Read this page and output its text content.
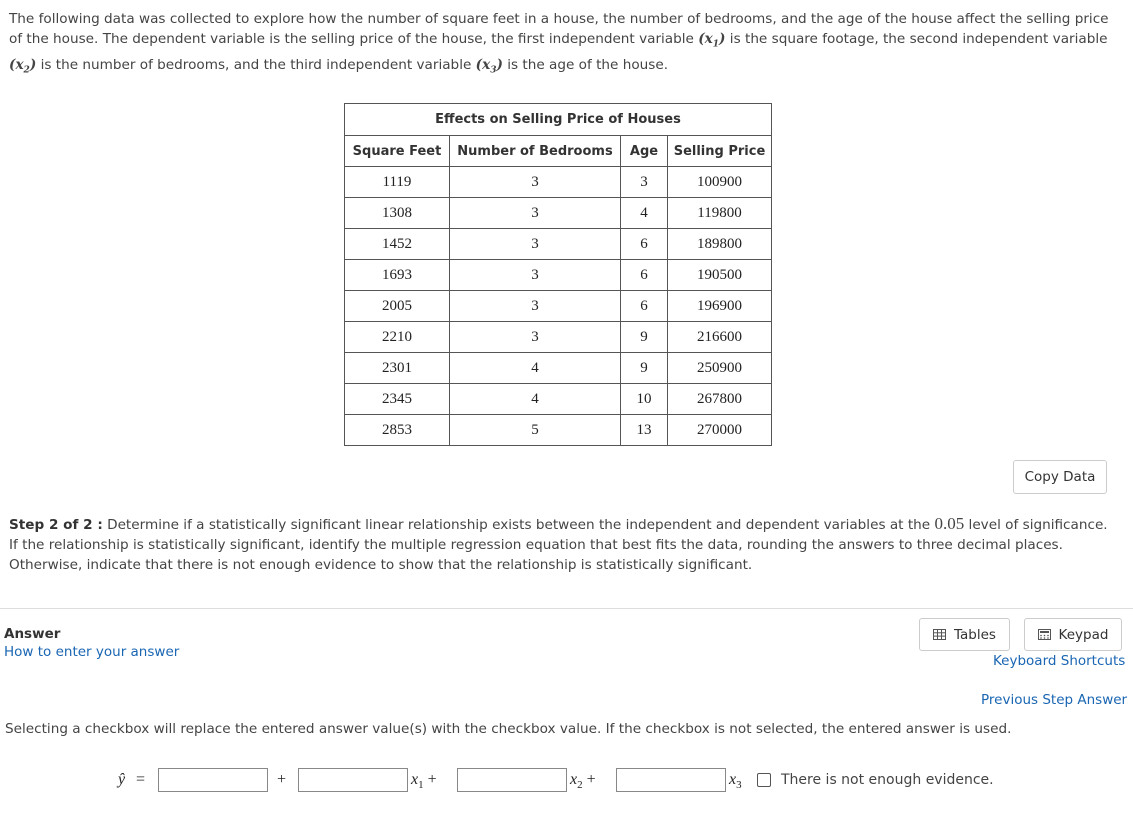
The following data was collected to explore how the number of square feet in a house, the number of bedrooms, and the age of the house affect the selling price of the house. The dependent variable is the selling price of the house, the first independent variable $(x_1)$ is the square footage, the second independent variable $(x_2)$ is the number of bedrooms, and the third independent variable $(x_3)$ is the age of the house.
Effects on Selling Price of Houses			
Square Feet	Number of Bedrooms	Age	Selling Price
1119	3	3	100900
1308	3	4	119800
1452	3	6	189800
1693	3	6	190500
2005	3	6	196900
2210	3	9	216600
2301	4	9	250900
2345	4	10	267800
2853	5	13	270000
Copy Data
Step 2 of 2 : Determine if a statistically significant linear relationship exists between the independent and dependent variables at the 0.05 level of significance. If the relationship is statistically significant, identify the multiple regression equation that best fits the data, rounding the answers to three decimal places. Otherwise, indicate that there is not enough evidence to show that the relationship is statistically significant.
Answer
How to enter your answer
Tables	Keypad
Keyboard Shortcuts
Previous Step Answer
Selecting a checkbox will replace the entered answer value(s) with the checkbox value. If the checkbox is not selected, the entered answer is used.
ŷ =	+	$x_1$ +	$x_2$ +	$x_3$	There is not enough evidence.
